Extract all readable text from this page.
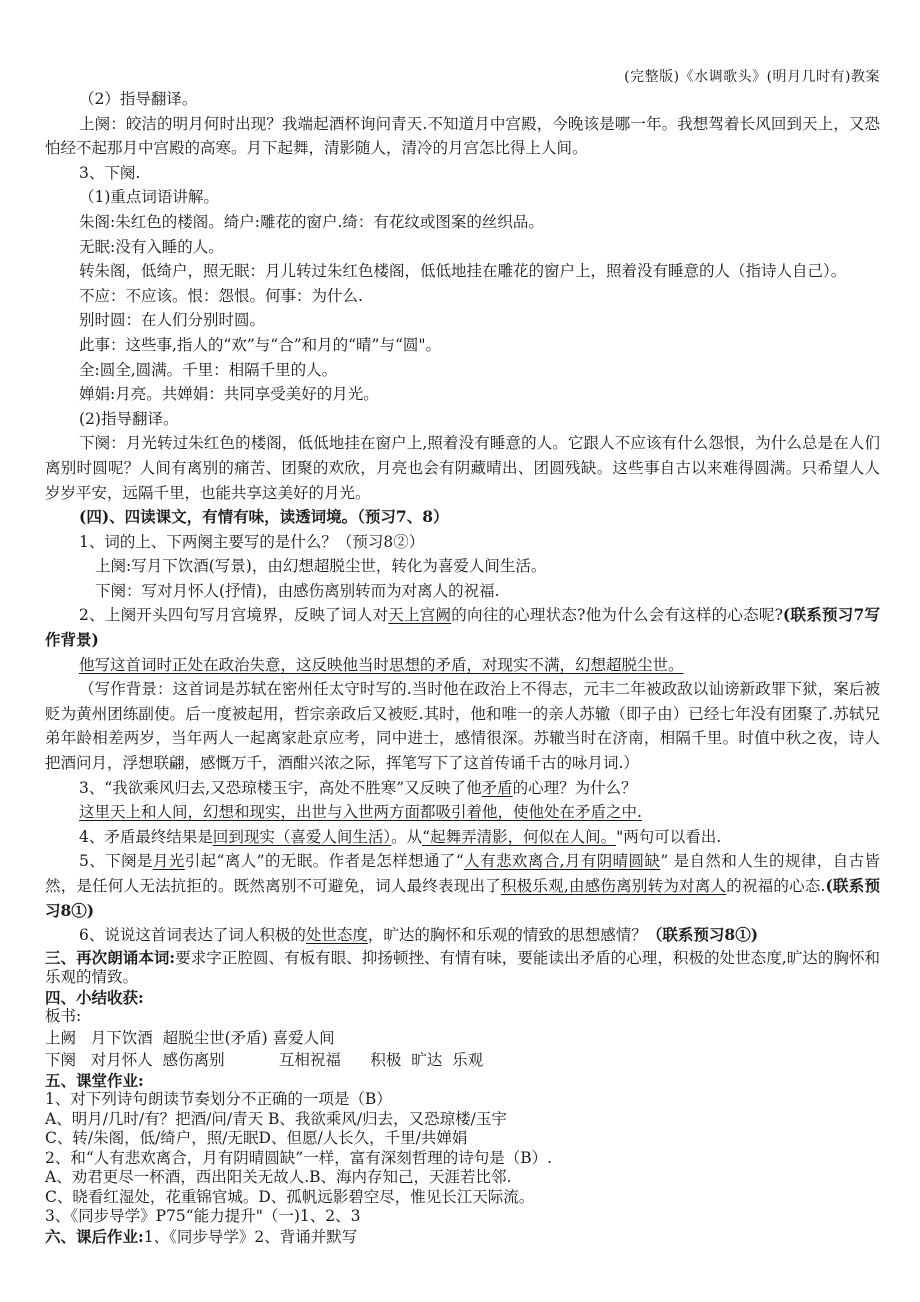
(完整版)《水调歌头》(明月几时有)教案

（2）指导翻译。

上阕：皎洁的明月何时出现？我端起酒杯询问青天.不知道月中宫殿，今晚该是哪一年。我想驾着长风回到天上，又恐怕经不起那月中宫殿的高寒。月下起舞，清影随人，清冷的月宫怎比得上人间。

3、下阕.

（1)重点词语讲解。

朱阁:朱红色的楼阁。绮户:雕花的窗户.绮：有花纹或图案的丝织品。

无眠:没有入睡的人。

转朱阁，低绮户，照无眠：月儿转过朱红色楼阁，低低地挂在雕花的窗户上，照着没有睡意的人（指诗人自己）。

不应：不应该。恨：怨恨。何事：为什么.

别时圆：在人们分别时圆。

此事：这些事,指人的“欢”与“合”和月的“晴”与“圆"。

全:圆全,圆满。千里：相隔千里的人。

婵娟:月亮。共婵娟：共同享受美好的月光。

(2)指导翻译。

下阕：月光转过朱红色的楼阁，低低地挂在窗户上,照着没有睡意的人。它跟人不应该有什么怨恨，为什么总是在人们离别时圆呢？人间有离别的痛苦、团聚的欢欣，月亮也会有阴藏晴出、团圆残缺。这些事自古以来难得圆满。只希望人人岁岁平安，远隔千里，也能共享这美好的月光。

(四)、四读课文，有情有味，读透词境。（预习7、8）

1、词的上、下两阕主要写的是什么？（预习8②）

上阕:写月下饮酒(写景)，由幻想超脱尘世，转化为喜爱人间生活。

下阕：写对月怀人(抒情)，由感伤离别转而为对离人的祝福.

2、上阕开头四句写月宫境界，反映了词人对天上宫阙的向往的心理状态?他为什么会有这样的心态呢?(联系预习7写作背景)

他写这首词时正处在政治失意，这反映他当时思想的矛盾，对现实不满，幻想超脱尘世。

（写作背景：这首词是苏轼在密州任太守时写的.当时他在政治上不得志，元丰二年被政敌以讪谤新政罪下狱，案后被贬为黄州团练副使。后一度被起用，哲宗亲政后又被贬.其时，他和唯一的亲人苏辙（即子由）已经七年没有团聚了.苏轼兄弟年龄相差两岁，当年两人一起离家赴京应考，同中进士，感情很深。苏辙当时在济南，相隔千里。时值中秋之夜，诗人把酒问月，浮想联翩，感慨万千，酒酣兴浓之际，挥笔写下了这首传诵千古的咏月词.）

3、“我欲乘风归去,又恐琼楼玉宇，高处不胜寒”又反映了他矛盾的心理？为什么？

这里天上和人间，幻想和现实，出世与入世两方面都吸引着他，使他处在矛盾之中.

4、矛盾最终结果是回到现实（喜爱人间生活）。从“起舞弄清影，何似在人间。"两句可以看出.

5、下阕是月光引起“离人”的无眠。作者是怎样想通了“人有悲欢离合,月有阴晴圆缺” 是自然和人生的规律，自古皆然，是任何人无法抗拒的。既然离别不可避免，词人最终表现出了积极乐观,由感伤离别转为对离人的祝福的心态.(联系预习8①)

6、说说这首词表达了词人积极的处世态度，旷达的胸怀和乐观的情致的思想感情？（联系预习8①)

三、再次朗诵本词:要求字正腔圆、有板有眼、抑扬顿挫、有情有味，要能读出矛盾的心理，积极的处世态度,旷达的胸怀和乐观的情致。

四、小结收获:

板书:

上阙   月下饮酒  超脱尘世(矛盾) 喜爱人间

下阕   对月怀人  感伤离别           互相祝福      积极  旷达  乐观

五、课堂作业:

1、对下列诗句朗读节奏划分不正确的一项是（B）

A、明月/几时/有？把酒/问/青天 B、我欲乘风/归去，又恐琼楼/玉宇

C、转/朱阁，低/绮户，照/无眠D、但愿/人长久，千里/共婵娟

2、和“人有悲欢离合，月有阴晴圆缺”一样，富有深刻哲理的诗句是（B）.

A、劝君更尽一杯酒，西出阳关无故人.B、海内存知己，天涯若比邻.

C、晓看红湿处，花重锦官城。D、孤帆远影碧空尽，惟见长江天际流。

3、《同步导学》P75“能力提升"（一)1、2、3

六、课后作业:1、《同步导学》2、背诵并默写
